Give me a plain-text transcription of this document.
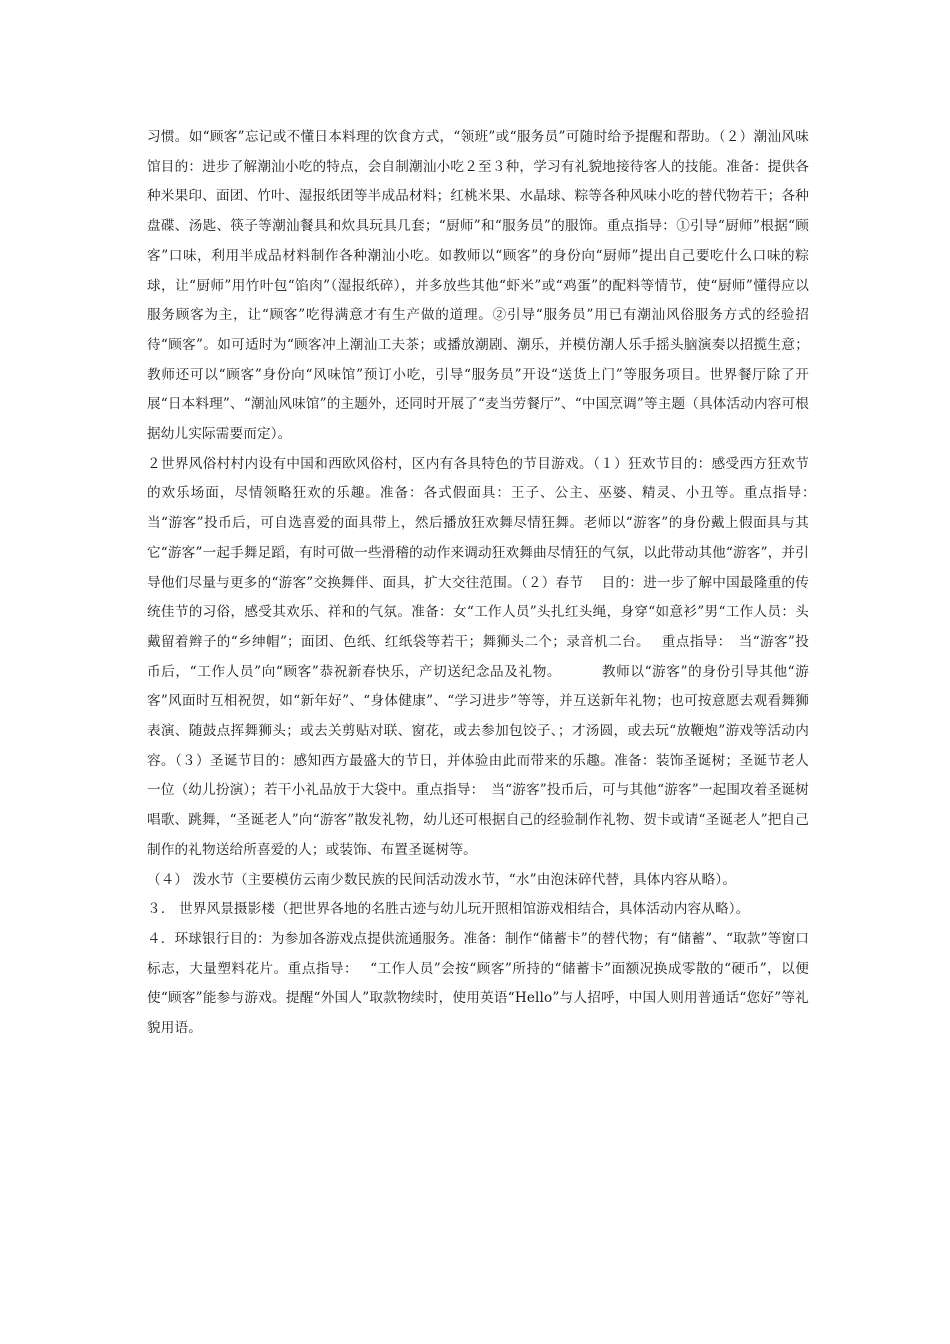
习惯。如“顾客”忘记或不懂日本料理的饮食方式，“领班”或“服务员”可随时给予提醒和帮助。（２）潮汕风味馆目的：进步了解潮汕小吃的特点，会自制潮汕小吃２至３种，学习有礼貌地接待客人的技能。准备：提供各种米果印、面团、竹叶、湿报纸团等半成品材料；红桃米果、水晶球、粽等各种风味小吃的替代物若干；各种盘碟、汤匙、筷子等潮汕餐具和炊具玩具几套；“厨师”和“服务员”的服饰。重点指导：①引导“厨师”根据“顾客”口味，利用半成品材料制作各种潮汕小吃。如教师以“顾客”的身份向“厨师”提出自己要吃什么口味的粽球，让“厨师”用竹叶包“馅肉”（湿报纸碎），并多放些其他“虾米”或“鸡蛋”的配料等情节，使“厨师”懂得应以服务顾客为主，让“顾客”吃得满意才有生产做的道理。②引导“服务员”用已有潮汕风俗服务方式的经验招待“顾客”。如可适时为“顾客冲上潮汕工夫茶；或播放潮剧、潮乐，并模仿潮人乐手摇头脑演奏以招揽生意；教师还可以“顾客”身份向“风味馆”预订小吃，引导“服务员”开设“送货上门”等服务项目。世界餐厅除了开展“日本料理”、“潮汕风味馆”的主题外，还同时开展了“麦当劳餐厅”、“中国烹调”等主题（具体活动内容可根据幼儿实际需要而定）。

２世界风俗村村内设有中国和西欧风俗村，区内有各具特色的节目游戏。（１）狂欢节目的：感受西方狂欢节的欢乐场面，尽情领略狂欢的乐趣。准备：各式假面具：王子、公主、巫婆、精灵、小丑等。重点指导：　 当“游客”投币后，可自选喜爱的面具带上，然后播放狂欢舞尽情狂舞。老师以“游客”的身份戴上假面具与其它“游客”一起手舞足蹈，有时可做一些滑稽的动作来调动狂欢舞曲尽情狂的气氛，以此带动其他“游客”，并引导他们尽量与更多的“游客”交换舞伴、面具，扩大交往范围。（２）春节　 目的：进一步了解中国最隆重的传统佳节的习俗，感受其欢乐、祥和的气氛。准备：女“工作人员”头扎红头绳，身穿“如意衫”男“工作人员：头戴留着辫子的“乡绅帽”；面团、色纸、红纸袋等若干；舞狮头二个；录音机二台。　 重点指导：　当“游客”投币后，“工作人员”向“顾客”恭祝新春快乐，产切送纪念品及礼物。　　　 教师以“游客”的身份引导其他“游客”风面时互相祝贺，如“新年好”、“身体健康”、“学习进步”等等，并互送新年礼物；也可按意愿去观看舞狮表演、随鼓点挥舞狮头；或去关剪贴对联、窗花，或去参加包饺子、；才汤圆，或去玩“放鞭炮”游戏等活动内容。（３）圣诞节目的：感知西方最盛大的节日，并体验由此而带来的乐趣。准备：装饰圣诞树；圣诞节老人一位（幼儿扮演）；若干小礼品放于大袋中。重点指导：　当“游客”投币后，可与其他“游客”一起围攻着圣诞树唱歌、跳舞，“圣诞老人”向“游客”散发礼物，幼儿还可根据自己的经验制作礼物、贺卡或请“圣诞老人”把自己制作的礼物送给所喜爱的人；或装饰、布置圣诞树等。

（４） 泼水节（主要模仿云南少数民族的民间活动泼水节，“水”由泡沫碎代替，具体内容从略）。

３． 世界风景摄影楼（把世界各地的名胜古迹与幼儿玩开照相馆游戏相结合，具体活动内容从略）。

４．环球银行目的：为参加各游戏点提供流通服务。准备：制作“储蓄卡”的替代物；有“储蓄”、“取款”等窗口标志，大量塑料花片。重点指导：　 “工作人员”会按“顾客”所持的“储蓄卡”面额况换成零散的“硬币”，以便使“顾客”能参与游戏。提醒“外国人”取款物续时，使用英语“Hello”与人招呼，中国人则用普通话“您好”等礼貌用语。
